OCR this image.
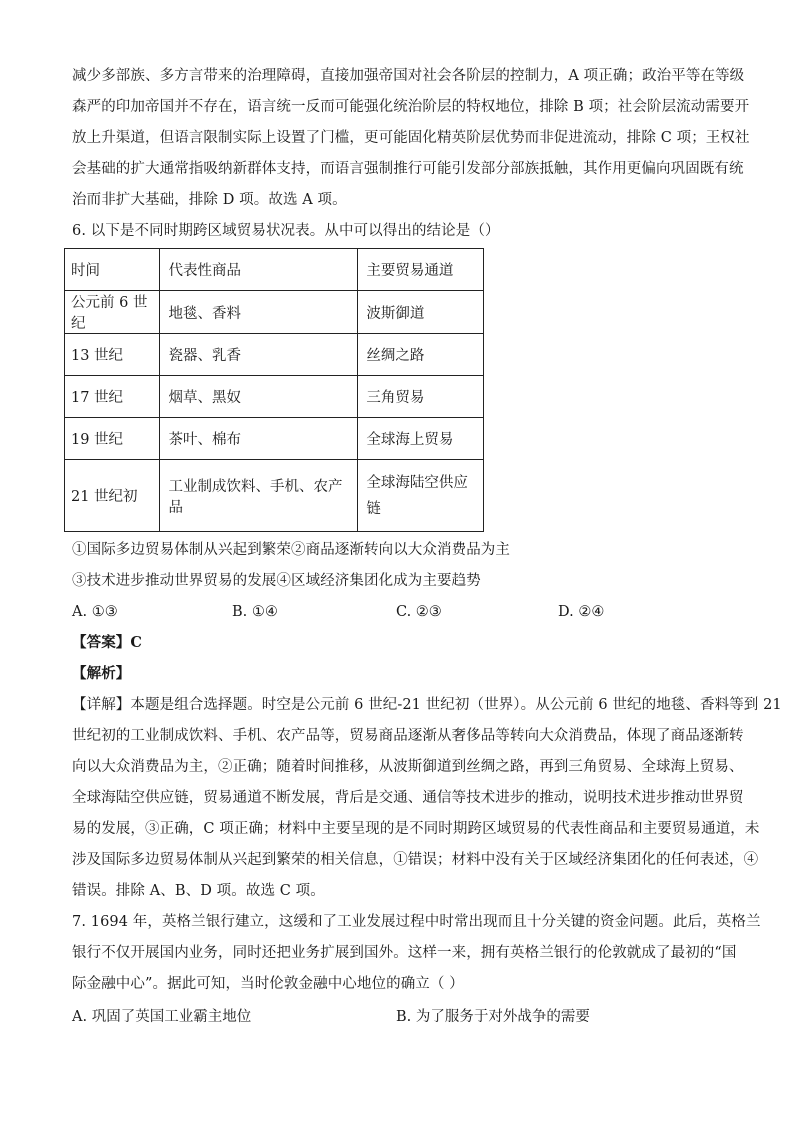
减少多部族、多方言带来的治理障碍，直接加强帝国对社会各阶层的控制力，A 项正确；政治平等在等级
森严的印加帝国并不存在，语言统一反而可能强化统治阶层的特权地位，排除 B 项；社会阶层流动需要开
放上升渠道，但语言限制实际上设置了门槛，更可能固化精英阶层优势而非促进流动，排除 C 项；王权社
会基础的扩大通常指吸纳新群体支持，而语言强制推行可能引发部分部族抵触，其作用更偏向巩固既有统
治而非扩大基础，排除 D 项。故选 A 项。
6. 以下是不同时期跨区域贸易状况表。从中可以得出的结论是（）
时间	代表性商品	主要贸易通道
公元前 6 世纪	地毯、香料	波斯御道
13 世纪	瓷器、乳香	丝绸之路
17 世纪	烟草、黑奴	三角贸易
19 世纪	茶叶、棉布	全球海上贸易
21 世纪初	工业制成饮料、手机、农产品	全球海陆空供应链
①国际多边贸易体制从兴起到繁荣②商品逐渐转向以大众消费品为主
③技术进步推动世界贸易的发展④区域经济集团化成为主要趋势
A. ①③	B. ①④	C. ②③	D. ②④
【答案】C
【解析】
【详解】本题是组合选择题。时空是公元前 6 世纪-21 世纪初（世界）。从公元前 6 世纪的地毯、香料等到 21
世纪初的工业制成饮料、手机、农产品等，贸易商品逐渐从奢侈品等转向大众消费品，体现了商品逐渐转
向以大众消费品为主，②正确；随着时间推移，从波斯御道到丝绸之路，再到三角贸易、全球海上贸易、
全球海陆空供应链，贸易通道不断发展，背后是交通、通信等技术进步的推动，说明技术进步推动世界贸
易的发展，③正确，C 项正确；材料中主要呈现的是不同时期跨区域贸易的代表性商品和主要贸易通道，未
涉及国际多边贸易体制从兴起到繁荣的相关信息，①错误；材料中没有关于区域经济集团化的任何表述，④
错误。排除 A、B、D 项。故选 C 项。
7. 1694 年，英格兰银行建立，这缓和了工业发展过程中时常出现而且十分关键的资金问题。此后，英格兰
银行不仅开展国内业务，同时还把业务扩展到国外。这样一来，拥有英格兰银行的伦敦就成了最初的“国
际金融中心”。据此可知，当时伦敦金融中心地位的确立（ ）
A. 巩固了英国工业霸主地位	B. 为了服务于对外战争的需要
